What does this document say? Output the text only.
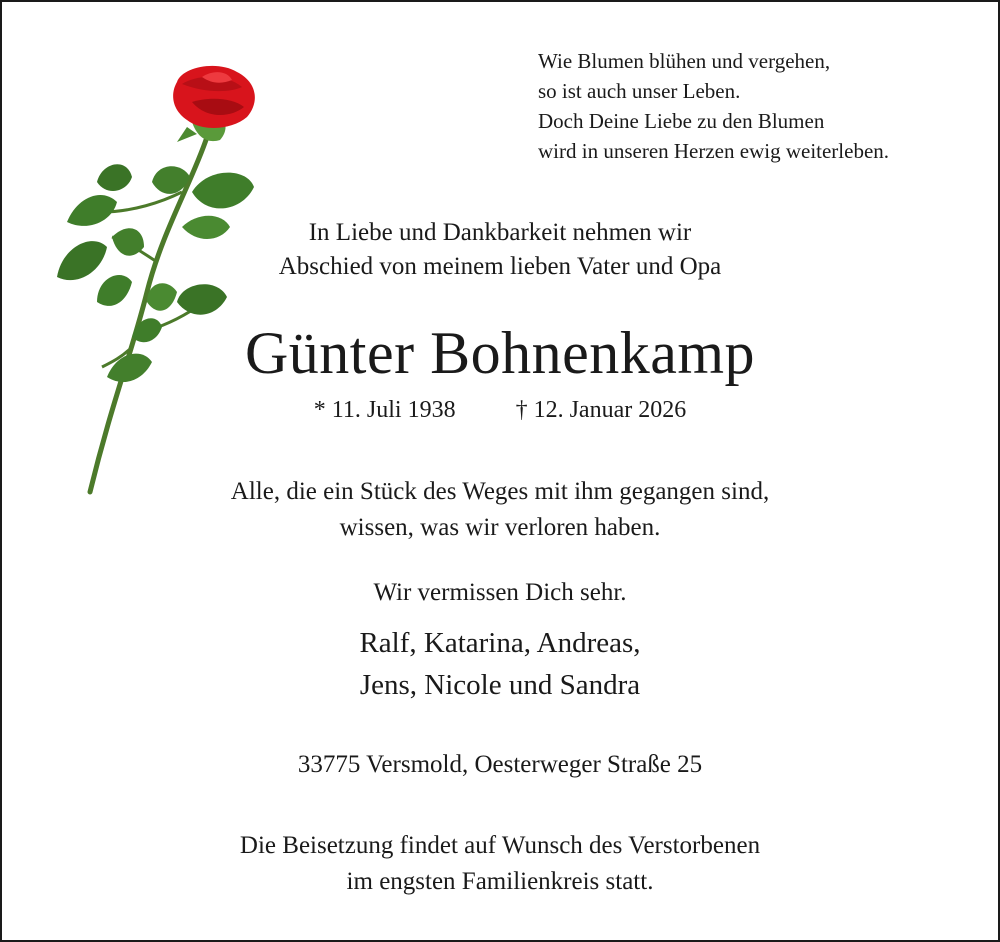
Wie Blumen blühen und vergehen,
so ist auch unser Leben.
Doch Deine Liebe zu den Blumen
wird in unseren Herzen ewig weiterleben.
In Liebe und Dankbarkeit nehmen wir
Abschied von meinem lieben Vater und Opa
Günter Bohnenkamp
* 11. Juli 1938	† 12. Januar 2026
Alle, die ein Stück des Weges mit ihm gegangen sind,
wissen, was wir verloren haben.
Wir vermissen Dich sehr.
Ralf, Katarina, Andreas,
Jens, Nicole und Sandra
33775 Versmold, Oesterweger Straße 25
Die Beisetzung findet auf Wunsch des Verstorbenen
im engsten Familienkreis statt.
